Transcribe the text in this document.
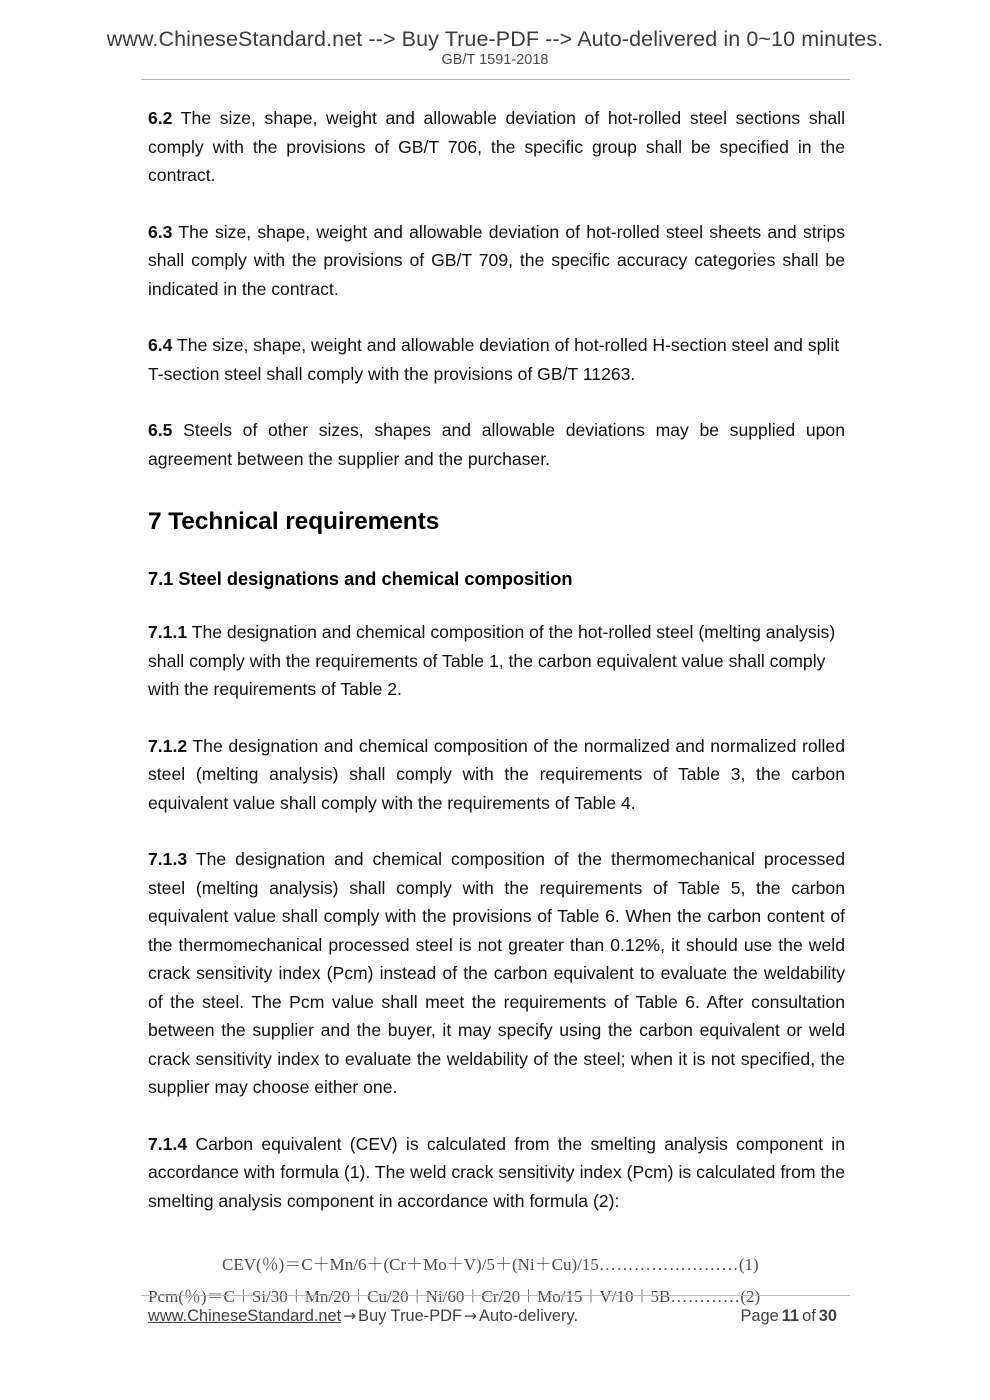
www.ChineseStandard.net --> Buy True-PDF --> Auto-delivered in 0~10 minutes.
GB/T 1591-2018

6.2 The size, shape, weight and allowable deviation of hot-rolled steel sections shall comply with the provisions of GB/T 706, the specific group shall be specified in the contract.

6.3 The size, shape, weight and allowable deviation of hot-rolled steel sheets and strips shall comply with the provisions of GB/T 709, the specific accuracy categories shall be indicated in the contract.

6.4 The size, shape, weight and allowable deviation of hot-rolled H-section steel and split T-section steel shall comply with the provisions of GB/T 11263.

6.5 Steels of other sizes, shapes and allowable deviations may be supplied upon agreement between the supplier and the purchaser.

7 Technical requirements
7.1 Steel designations and chemical composition

7.1.1 The designation and chemical composition of the hot-rolled steel (melting analysis) shall comply with the requirements of Table 1, the carbon equivalent value shall comply with the requirements of Table 2.

7.1.2 The designation and chemical composition of the normalized and normalized rolled steel (melting analysis) shall comply with the requirements of Table 3, the carbon equivalent value shall comply with the requirements of Table 4.

7.1.3 The designation and chemical composition of the thermomechanical processed steel (melting analysis) shall comply with the requirements of Table 5, the carbon equivalent value shall comply with the provisions of Table 6. When the carbon content of the thermomechanical processed steel is not greater than 0.12%, it should use the weld crack sensitivity index (Pcm) instead of the carbon equivalent to evaluate the weldability of the steel. The Pcm value shall meet the requirements of Table 6. After consultation between the supplier and the buyer, it may specify using the carbon equivalent or weld crack sensitivity index to evaluate the weldability of the steel; when it is not specified, the supplier may choose either one.

7.1.4 Carbon equivalent (CEV) is calculated from the smelting analysis component in accordance with formula (1). The weld crack sensitivity index (Pcm) is calculated from the smelting analysis component in accordance with formula (2):

CEV(％)＝C＋Mn/6＋(Cr＋Mo＋V)/5＋(Ni＋Cu)/15……………………(1)
Pcm(％)＝C＋Si/30＋Mn/20＋Cu/20＋Ni/60＋Cr/20＋Mo/15＋V/10＋5B…………(2)
www.ChineseStandard.net → Buy True-PDF → Auto-delivery.	Page 11 of 30
